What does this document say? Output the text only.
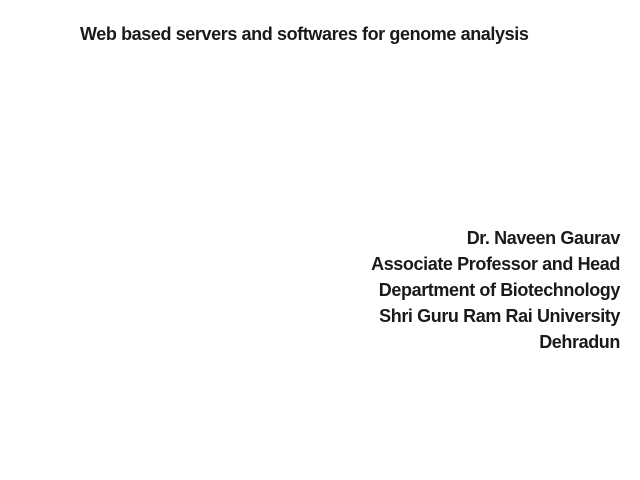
Web based servers and softwares for genome analysis
Dr. Naveen Gaurav
Associate Professor and Head
Department of Biotechnology
Shri Guru Ram Rai University
Dehradun
